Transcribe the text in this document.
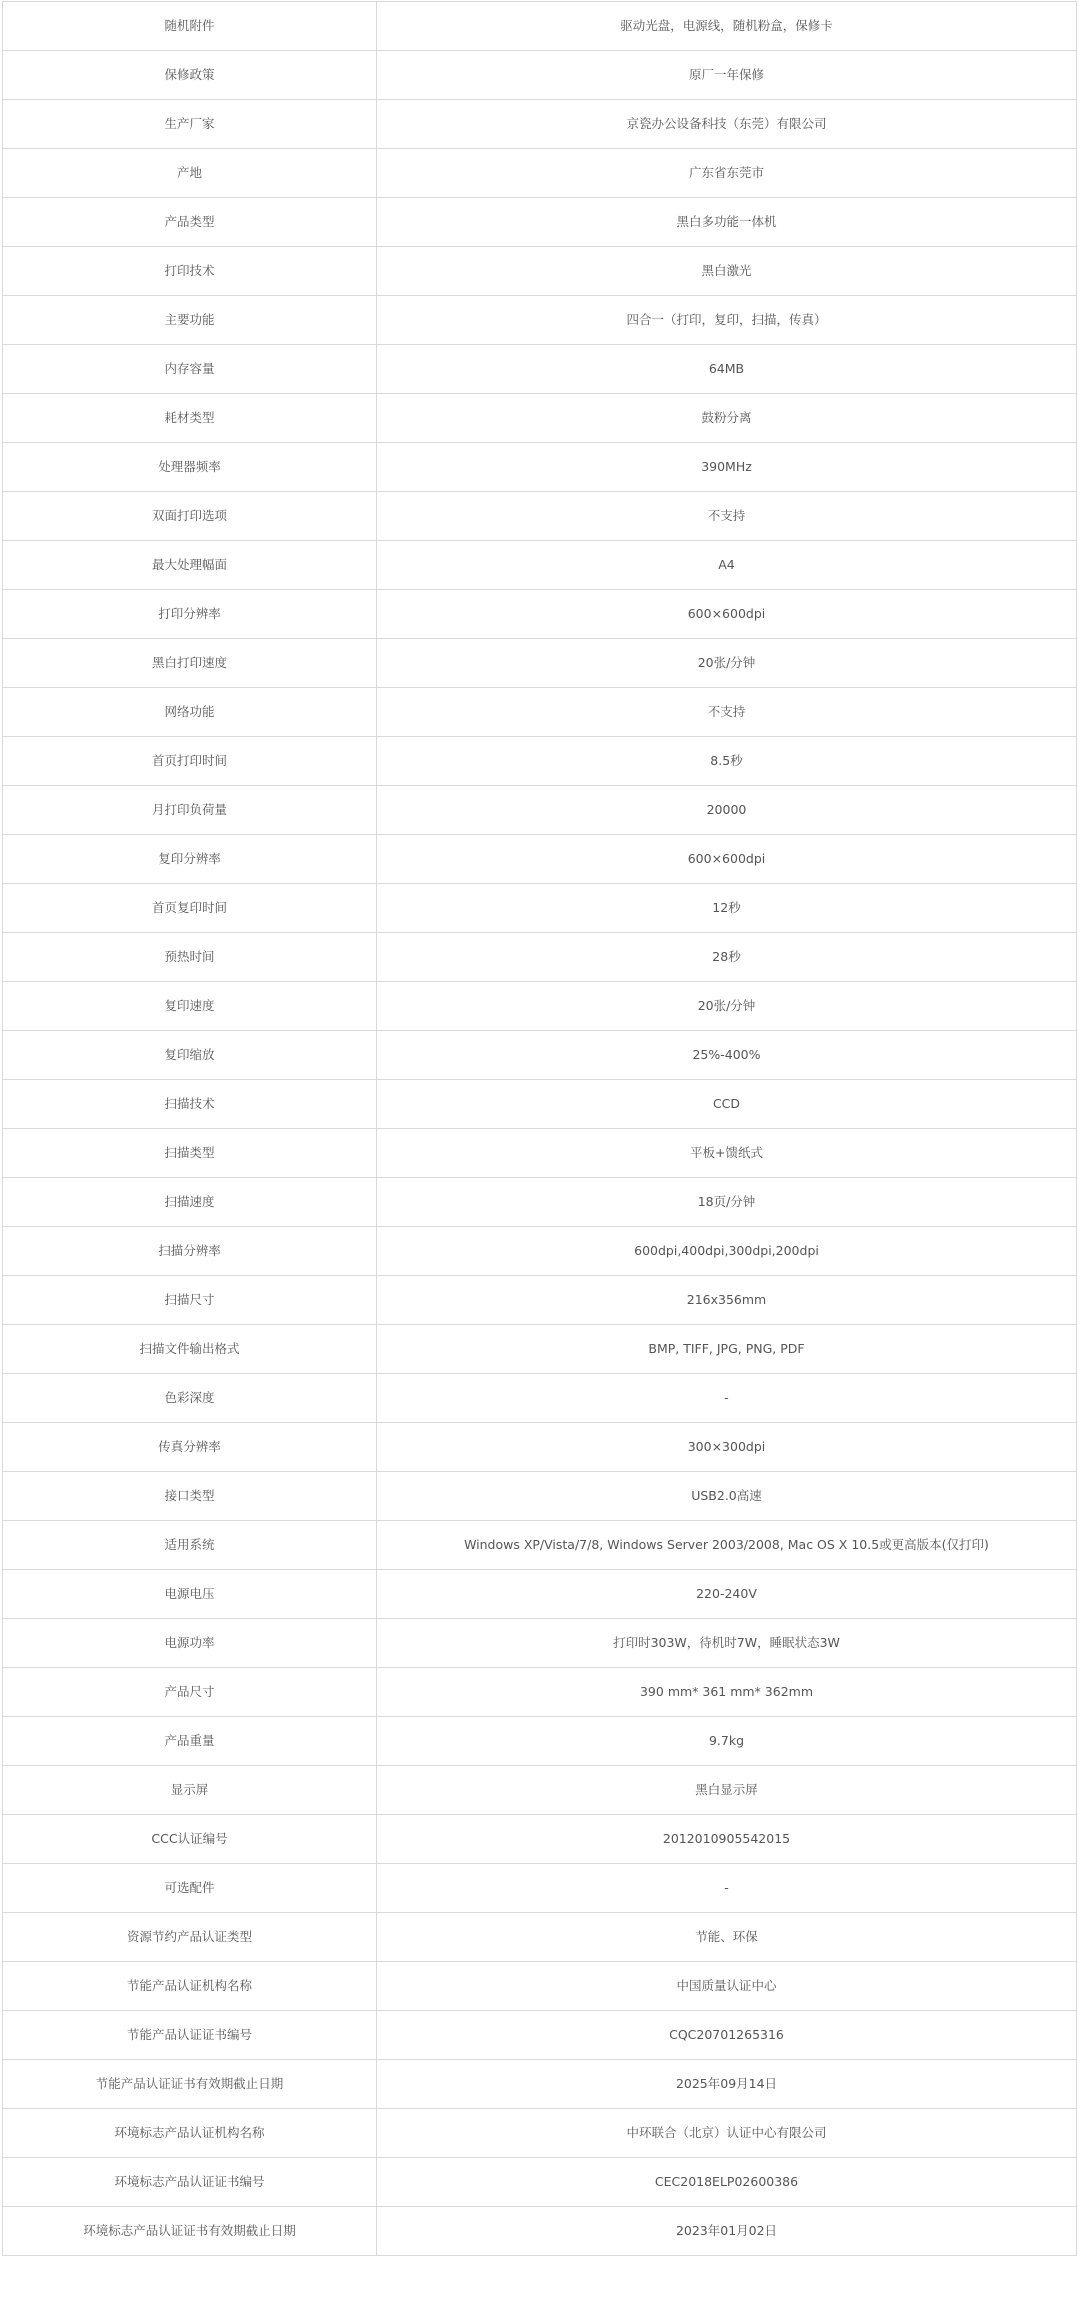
随机附件	驱动光盘，电源线，随机粉盒，保修卡
保修政策	原厂一年保修
生产厂家	京瓷办公设备科技（东莞）有限公司
产地	广东省东莞市
产品类型	黑白多功能一体机
打印技术	黑白激光
主要功能	四合一（打印，复印，扫描，传真）
内存容量	64MB
耗材类型	鼓粉分离
处理器频率	390MHz
双面打印选项	不支持
最大处理幅面	A4
打印分辨率	600×600dpi
黑白打印速度	20张/分钟
网络功能	不支持
首页打印时间	8.5秒
月打印负荷量	20000
复印分辨率	600×600dpi
首页复印时间	12秒
预热时间	28秒
复印速度	20张/分钟
复印缩放	25%-400%
扫描技术	CCD
扫描类型	平板+馈纸式
扫描速度	18页/分钟
扫描分辨率	600dpi,400dpi,300dpi,200dpi
扫描尺寸	216x356mm
扫描文件输出格式	BMP, TIFF, JPG, PNG, PDF
色彩深度	-
传真分辨率	300×300dpi
接口类型	USB2.0高速
适用系统	Windows XP/Vista/7/8, Windows Server 2003/2008, Mac OS X 10.5或更高版本(仅打印)
电源电压	220-240V
电源功率	打印时303W，待机时7W，睡眠状态3W
产品尺寸	390 mm* 361 mm* 362mm
产品重量	9.7kg
显示屏	黑白显示屏
CCC认证编号	2012010905542015
可选配件	-
资源节约产品认证类型	节能、环保
节能产品认证机构名称	中国质量认证中心
节能产品认证证书编号	CQC20701265316
节能产品认证证书有效期截止日期	2025年09月14日
环境标志产品认证机构名称	中环联合（北京）认证中心有限公司
环境标志产品认证证书编号	CEC2018ELP02600386
环境标志产品认证证书有效期截止日期	2023年01月02日
